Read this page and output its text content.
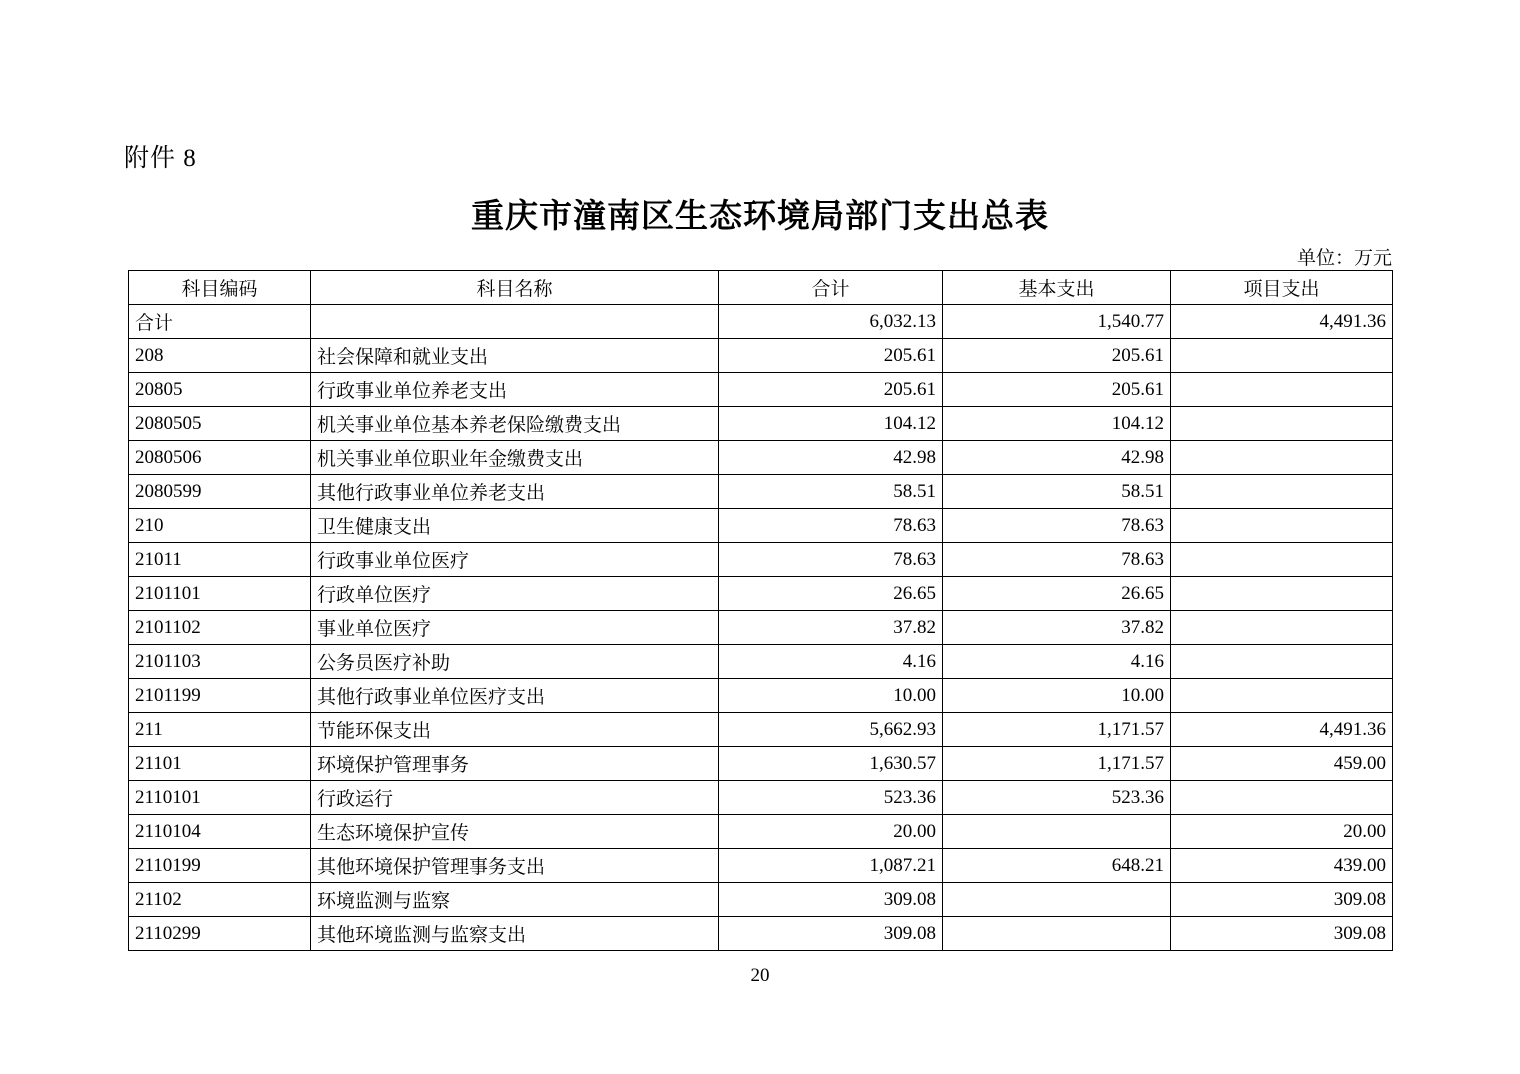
附件 8
重庆市潼南区生态环境局部门支出总表
单位：万元
科目编码	科目名称	合计	基本支出	项目支出
合计		6,032.13	1,540.77	4,491.36
208	社会保障和就业支出	205.61	205.61	
20805	行政事业单位养老支出	205.61	205.61	
2080505	机关事业单位基本养老保险缴费支出	104.12	104.12	
2080506	机关事业单位职业年金缴费支出	42.98	42.98	
2080599	其他行政事业单位养老支出	58.51	58.51	
210	卫生健康支出	78.63	78.63	
21011	行政事业单位医疗	78.63	78.63	
2101101	行政单位医疗	26.65	26.65	
2101102	事业单位医疗	37.82	37.82	
2101103	公务员医疗补助	4.16	4.16	
2101199	其他行政事业单位医疗支出	10.00	10.00	
211	节能环保支出	5,662.93	1,171.57	4,491.36
21101	环境保护管理事务	1,630.57	1,171.57	459.00
2110101	行政运行	523.36	523.36	
2110104	生态环境保护宣传	20.00		20.00
2110199	其他环境保护管理事务支出	1,087.21	648.21	439.00
21102	环境监测与监察	309.08		309.08
2110299	其他环境监测与监察支出	309.08		309.08
20
